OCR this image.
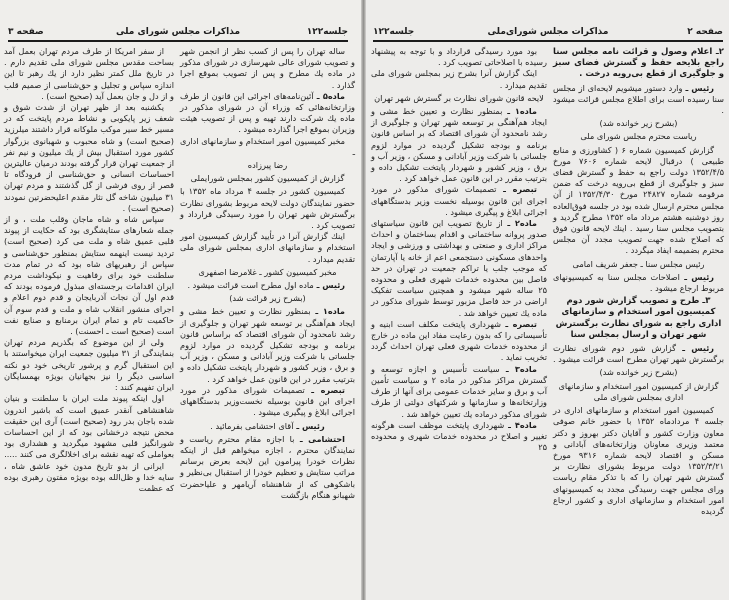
صفحه ۳	مذاکرات مجلس شورای ملی	جلسه۱۲۲

ساله تهران را پس از کسب نظر از انجمن شهر و تصویب شورای عالی شهرسازی در شورای مذکور در ماده یك مطرح و پس از تصویب بموقع اجرا گذارد .

ماده۵ ـ آئین‌نامه‌های اجرائی این قانون از طرف وزارتخانه‌هائی که وزراء آن در شورای مذکور در ماده یك شرکت دارند تهیه و پس از تصویب هیئت وزیران بموقع اجرا گذارده میشود .

مخبر کمیسیون امور استخدام و سازمانهای اداری ـ

رضا پیرزاده

گزارش از کمیسیون کشور بمجلس شورایملی

کمیسیون کشور در جلسه ۴ مرداد ماه ۱۳۵۲ با حضور نمایندگان دولت لایحه مربوط بشورای نظارت برگسترش شهر تهران را مورد رسیدگی قرارداد و تصویب کرد .

اینك گزارش آنرا در تأیید گزارش کمیسیون امور استخدام و سازمانهای اداری بمجلس شورای ملی تقدیم میدارد .

مخبر کمیسیون کشور ـ غلامرضا اصفهری

رئیس ـ ماده اول مطرح است قرائت میشود .

(بشرح زیر قرائت شد)

ماده۱ ـ بمنظور نظارت و تعیین خط مشی و ایجاد هم‌آهنگی بر توسعه شهر تهران و جلوگیری از رشد نامحدود آن شورای اقتصاد که براساس قانون برنامه و بودجه تشکیل گردیده در موارد لزوم جلساتی با شرکت وزیر آبادانی و مسکن ، وزیر آب و برق ، وزیر کشور و شهردار پایتخت تشکیل داده و بترتیب مقرر در این قانون عمل خواهد کرد .

تبصره ـ تصمیمات شورای مذکور در مورد اجرای این قانون بوسیله نخست‌وزیر بدستگاههای اجرائی ابلاغ و پیگیری میشود .

رئیس ـ آقای احتشامی بفرمائید .

احتشامی ـ با اجازه مقام محترم ریاست و نمایندگان محترم ، اجازه میخواهم قبل از اینکه نظرات خودرا پیرامون این لایحه بعرض برسانم مراتب ستایش و تعظیم خودرا از استقبال بی‌نظیر و باشکوهی که از شاهنشاه آریامهر و علیاحضرت شهبانو هنگام بازگشت

از سفر امریکا از طرف مردم تهران بعمل آمد بساحت مقدس مجلس شورای ملی تقدیم دارم . در تاریخ ملل کمتر نظیر دارد از یك رهبر تا این اندازه سپاس و تجلیل و حق‌شناسی از صمیم قلب و از دل و جان بعمل آید (صحیح است) .

یکشنبه بعد از ظهر تهران از شدت شوق و شعف زیر پایکوبی و نشاط مردم پایتخت که در مسیر خط سیر موکب ملوکانه قرار داشتند میلرزید (صحیح است) و شاه محبوب و شهبانوی بزرگوار کشور مورد استقبال بیش از یك میلیون و نیم نفر از جمعیت تهران قرار گرفته بودند درمیان عالیترین احساسات انسانی و حق‌شناسی از فرودگاه تا قصر از روی فرشی از گل گذشتند و مردم تهران ۳۱ میلیون شاخه گل نثار مقدم اعلیحضرتین نمودند (صحیح است) .

سپاس شاه و شاه ماجان وقلب ملت ، و از جمله شعارهای ستایشگری بود که حکایت از پیوند قلبی عمیق شاه و ملت می کرد (صحیح است) تردید نیست اینهمه ستایش بمنظور حق‌شناسی و سپاس از رهبریهای شاه بود که در تمام مدت سلطنت خود برای رفاهیت و نیکوداشت مردم ایران اقدامات برجسته‌ای مبذول فرموده بودند که قدم اول آن نجات آذربایجان و قدم دوم اعلام و اجرای منشور انقلاب شاه و ملت و قدم سوم آن حاکمیت تام و تمام ایران برمنابع و صنایع نفت است (صحیح است ـ احسنت) .

ولی از این موضوع که بگذریم مردم تهران بنمایندگی از ۳۱ میلیون جمعیت ایران میخواستند با این استقبال گرم و پرشور تاریخی خود دو نکته اساسی دیگر را نیز بجهانیان بویژه بهمسایگان ایران تفهیم کنند :

اول اینکه پیوند ملت ایران با سلطنت و بنیان شاهنشاهی آنقدر عمیق است که باشیر اندرون شده باجان بدر رود (صحیح است) آری این حقیقت محض نتیجه درخشانی بود که از این احساسات شورانگیز قلبی مشهود میگردید و هشداری بود بعواملی که تهیه نقشه برای اخلالگری می کنند .....

ایرانی از بدو تاریخ مدون خود عاشق شاه ، سایه خدا و ظل‌الله بوده بویژه مفتون رهبری بوده که عظمت

صفحه ۲
مذاکرات مجلس شورای‌ملی
جلسه۱۲۲

۲ـ اعلام وصول و قرائت نامه مجلس سنا راجع بلایحه حفظ و گسترش فضای سبز و جلوگیری از قطع بی‌رویه درخت .

رئیس ـ وارد دستور میشویم لایحه‌ای از مجلس سنا رسیده است برای اطلاع مجلس قرائت میشود .

(بشرح زیر خوانده شد)

ریاست محترم مجلس شورای ملی

گزارش کمیسیون شماره ۶ ( کشاورزی و منابع طبیعی ) درقبال لایحه شماره ۷۶۰۶ مورخ ۱۳۵۲/۴/۵ دولت راجع به حفظ و گسترش فضای سبز و جلوگیری از قطع بی‌رویه درخت که ضمن مرقومه شماره ۲۴۸۲۷ مورخ ۱۳۵۲/۴/۳۰ از آن مجلس محترم ارسال شده بود در جلسه فوق‌العاده روز دوشنبه هشتم مرداد ماه ۱۳۵۲ مطرح گردید و بتصویب مجلس سنا رسید . اینك لایحه قانون فوق که اصلاح شده جهت تصویب مجدد آن مجلس محترم بضمیمه ایفاد میگردد .

رئیس مجلس سنا ـ جعفر شریف امامی

رئیس ـ اصلاحات مجلس سنا به کمیسیونهای مربوط ارجاع میشود .

۳ـ طرح و تصویب گزارش شور دوم کمیسیون امور استخدام و سازمانهای اداری راجع به شورای نظارت برگسترش شهر تهران و ارسال بمجلس سنا

رئیس ـ گزارش شور دوم شورای نظارت برگسترش شهر تهران مطرح است قرائت میشود .

(بشرح زیر خوانده شد)

گزارش از کمیسیون امور استخدام و سازمانهای اداری بمجلس شورای ملی

کمیسیون امور استخدام و سازمانهای اداری در جلسه ۴ مردادماه ۱۳۵۲ با حضور خانم صوفی معاون وزارت کشور و آقایان دکتر بهروز و دکتر معتمد وزیری معاونان وزارتخانه‌های آبادانی و مسکن و اقتصاد لایحه شماره ۹۳۱۶ مورخ ۱۳۵۲/۳/۲۱ دولت مربوط بشورای نظارت بر گسترش شهر تهران را که با تذکر مقام ریاست ورای مجلس جهت رسیدگی مجدد به کمیسیونهای امور استخدام و سازمانهای اداری و کشور ارجاع گردیده

بود مورد رسیدگی قرارداد و با توجه به پیشنهاد رسیده با اصلاحاتی تصویب کرد .

اینک گزارش آنرا بشرح زیر بمجلس شورای ملی تقدیم میدارد .

لایحه قانون شورای نظارت بر گسترش شهر تهران

ماده۱ ـ بمنظور نظارت و تعیین خط مشی و ایجاد هم‌آهنگی بر توسعه شهر تهران و جلوگیری از رشد نامحدود آن شورای اقتصاد که بر اساس قانون برنامه و بودجه تشکیل گردیده در موارد لزوم جلساتی با شرکت وزیر آبادانی و مسکن ، وزیر آب و برق ، وزیر کشور و شهردار پایتخت تشکیل داده و بترتیب مقرر در این قانون عمل خواهد کرد .

تبصره ـ تصمیمات شورای مذکور در مورد اجرای این قانون بوسیله نخست وزیر بدستگاههای اجرائی ابلاغ و پیگیری میشود .

ماده۲ ـ از تاریخ تصویب این قانون سیاستهای صدور پروانه ساختمانی و اقدام بساختمان و احداث مراکز اداری و صنعتی و بهداشتی و ورزشی و ایجاد واحدهای مسکونی دستجمعی اعم از خانه یا آپارتمان که موجب جلب یا تراکم جمعیت در تهران در حد فاصل بین محدوده خدمات شهری فعلی و محدوده ۲۵ ساله شهر میشود و همچنین سیاست تفکیک اراضی در حد فاصل مزبور توسط شورای مذکور در ماده یك تعیین خواهد شد .

تبصره ـ شهرداری پایتخت مکلف است ابنیه و تأسیساتی را که بدون رعایت مفاد این ماده در خارج از محدوده خدمات شهری فعلی تهران احداث گردد تخریب نماید .

ماده۳ ـ سیاست تأسیس و اجازه توسعه و گسترش مراکز مذکور در ماده ۲ و سیاست تأمین آب و برق و سایر خدمات عمومی برای آنها از طرف وزارتخانه‌ها و سازمانها و شرکتهای دولتی از طرف شورای مذکور درماده یك تعیین خواهد شد .

ماده۴ ـ شهرداری پایتخت موظف است هرگونه تغییر و اصلاح در محدوده خدمات شهری و محدوده ۲۵
